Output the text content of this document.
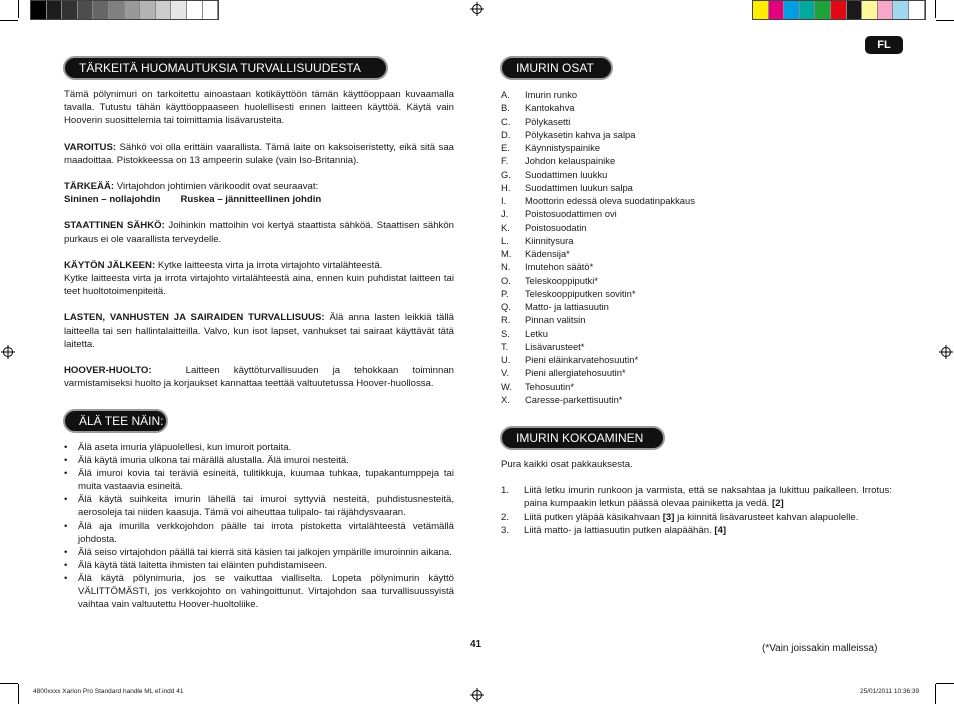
FL
TÄRKEITÄ HUOMAUTUKSIA TURVALLISUUDESTA

Tämä pölynimuri on tarkoitettu ainoastaan kotikäyttöön tämän käyttöoppaan kuvaamalla tavalla. Tutustu tähän käyttöoppaaseen huolellisesti ennen laitteen käyttöä. Käytä vain Hooverin suosittelemia tai toimittamia lisävarusteita.

VAROITUS: Sähkö voi olla erittäin vaarallista. Tämä laite on kaksoiseristetty, eikä sitä saa maadoittaa. Pistokkeessa on 13 ampeerin sulake (vain Iso-Britannia).

TÄRKEÄÄ: Virtajohdon johtimien värikoodit ovat seuraavat:
Sininen – nollajohdin Ruskea – jännitteellinen johdin

STAATTINEN SÄHKÖ: Joihinkin mattoihin voi kertyä staattista sähköä. Staattisen sähkön purkaus ei ole vaarallista terveydelle.

KÄYTÖN JÄLKEEN: Kytke laitteesta virta ja irrota virtajohto virtalähteestä.
Kytke laitteesta virta ja irrota virtajohto virtalähteestä aina, ennen kuin puhdistat laitteen tai teet huoltotoimenpiteitä.

LASTEN, VANHUSTEN JA SAIRAIDEN TURVALLISUUS: Älä anna lasten leikkiä tällä laitteella tai sen hallintalaitteilla. Valvo, kun isot lapset, vanhukset tai sairaat käyttävät tätä laitetta.

HOOVER-HUOLTO:	Laitteen käyttöturvallisuuden ja tehokkaan toiminnan varmistamiseksi huolto ja korjaukset kannattaa teettää valtuutetussa Hoover-huollossa.

ÄLÄ TEE NÄIN:
• Älä aseta imuria yläpuolellesi, kun imuroit portaita.
• Älä käytä imuria ulkona tai märällä alustalla. Älä imuroi nesteitä.
• Älä imuroi kovia tai teräviä esineitä, tulitikkuja, kuumaa tuhkaa, tupakantumppeja tai muita vastaavia esineitä.
• Älä käytä suihkeita imurin lähellä tai imuroi syttyviä nesteitä, puhdistusnesteitä, aerosoleja tai niiden kaasuja. Tämä voi aiheuttaa tulipalo- tai räjähdysvaaran.
• Älä aja imurilla verkkojohdon päälle tai irrota pistoketta virtalähteestä vetämällä johdosta.
• Älä seiso virtajohdon päällä tai kierrä sitä käsien tai jalkojen ympärille imuroinnin aikana.
• Älä käytä tätä laitetta ihmisten tai eläinten puhdistamiseen.
• Älä käytä pölynimuria, jos se vaikuttaa vialliselta. Lopeta pölynimurin käyttö VÄLITTÖMÄSTI, jos verkkojohto on vahingoittunut. Virtajohdon saa turvallisuussyistä vaihtaa vain valtuutettu Hoover-huoltoliike.
IMURIN OSAT
A.	Imurin runko
B.	Kantokahva
C.	Pölykasetti
D.	Pölykasetin kahva ja salpa
E.	Käynnistyspainike
F.	Johdon kelauspainike
G.	Suodattimen luukku
H.	Suodattimen luukun salpa
I.	Moottorin edessä oleva suodatinpakkaus
J.	Poistosuodattimen ovi
K.	Poistosuodatin
L.	Kiinnitysura
M.	Kädensija*
N.	Imutehon säätö*
O.	Teleskooppiputki*
P.	Teleskooppiputken sovitin*
Q.	Matto- ja lattiasuutin
R.	Pinnan valitsin
S.	Letku
T.	Lisävarusteet*
U.	Pieni eläinkarvatehosuutin*
V.	Pieni allergiatehosuutin*
W.	Tehosuutin*
X.	Caresse-parkettisuutin*
IMURIN KOKOAMINEN

Pura kaikki osat pakkauksesta.

1.	Liitä letku imurin runkoon ja varmista, että se naksahtaa ja lukittuu paikalleen. Irrotus: paina kumpaakin letkun päässä olevaa painiketta ja vedä. [2]
2.	Liitä putken yläpää käsikahvaan [3] ja kiinnitä lisävarusteet kahvan alapuolelle.
3.	Liitä matto- ja lattiasuutin putken alapäähän. [4]
41	(*Vain joissakin malleissa)
4800xxxx Xarion Pro Standard handle ML ef.indd 41	25/01/2011 10:36:39
